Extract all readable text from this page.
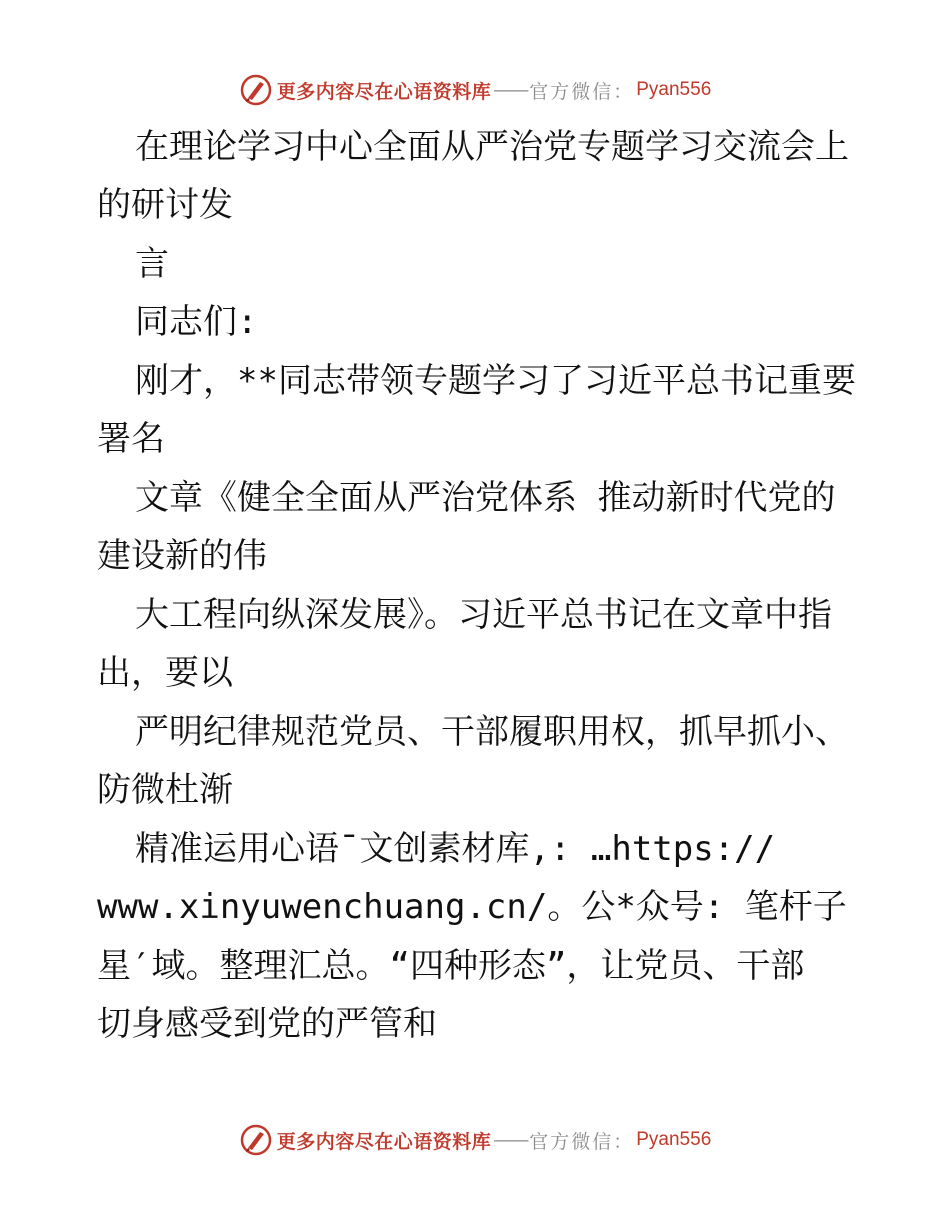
更多内容尽在心语资料库 —— 官方微信： Pyan556
在理论学习中心全面从严治党专题学习交流会上
的研讨发
言
同志们:
刚才，**同志带领专题学习了习近平总书记重要
署名
文章《健全全面从严治党体系 推动新时代党的
建设新的伟
大工程向纵深发展》。习近平总书记在文章中指
出，要以
严明纪律规范党员、干部履职用权，抓早抓小、
防微杜渐
精准运用心语¯文创素材库,: …https://
www.xinyuwenchuang.cn/。公*众号: 笔杆子
星′域。整理汇总。“四种形态”，让党员、干部
切身感受到党的严管和
更多内容尽在心语资料库 —— 官方微信： Pyan556
